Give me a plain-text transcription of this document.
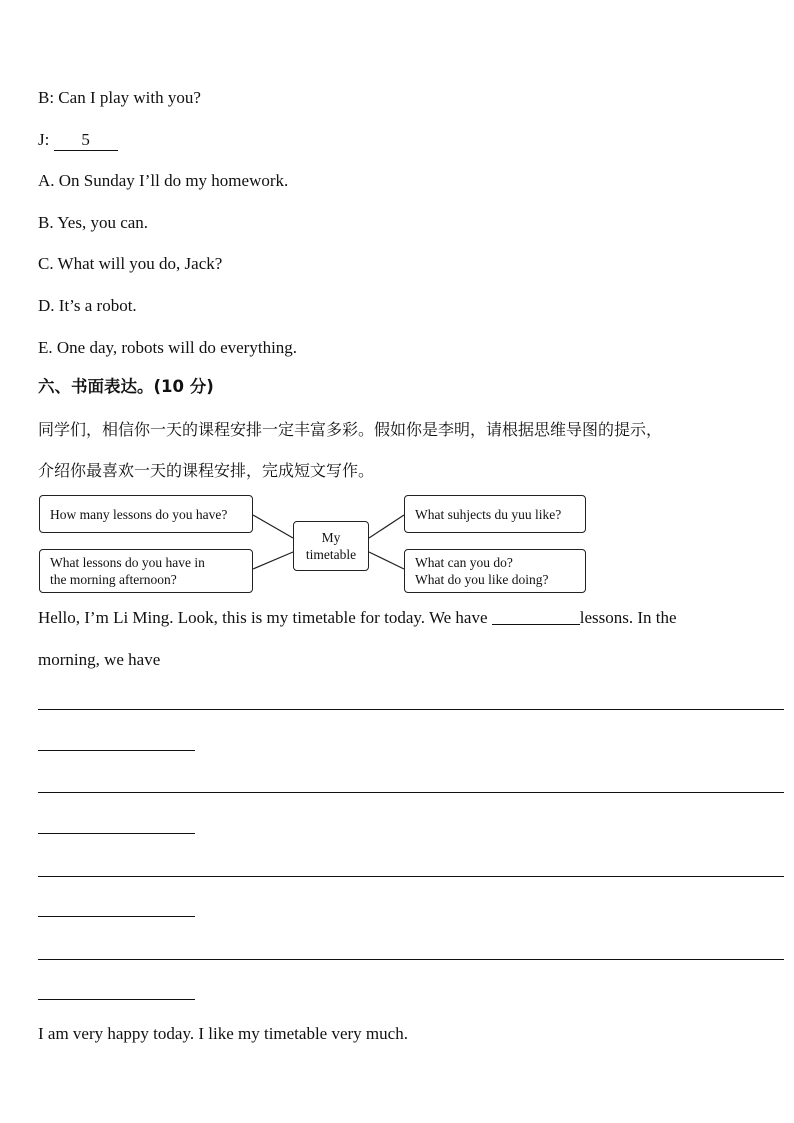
B: Can I play with you?
J: 5
A. On Sunday I’ll do my homework.
B. Yes, you can.
C. What will you do, Jack?
D. It’s a robot.
E. One day, robots will do everything.
六、书面表达。(10 分)
同学们，相信你一天的课程安排一定丰富多彩。假如你是李明，请根据思维导图的提示，
介绍你最喜欢一天的课程安排，完成短文写作。
How many lessons do you have?
What lessons do you have in
the morning afternoon?
My
timetable
What suhjects du yuu like?
What can you do?
What do you like doing?
Hello, I’m Li Ming. Look, this is my timetable for today. We have	lessons. In the
morning, we have
I am very happy today. I like my timetable very much.
